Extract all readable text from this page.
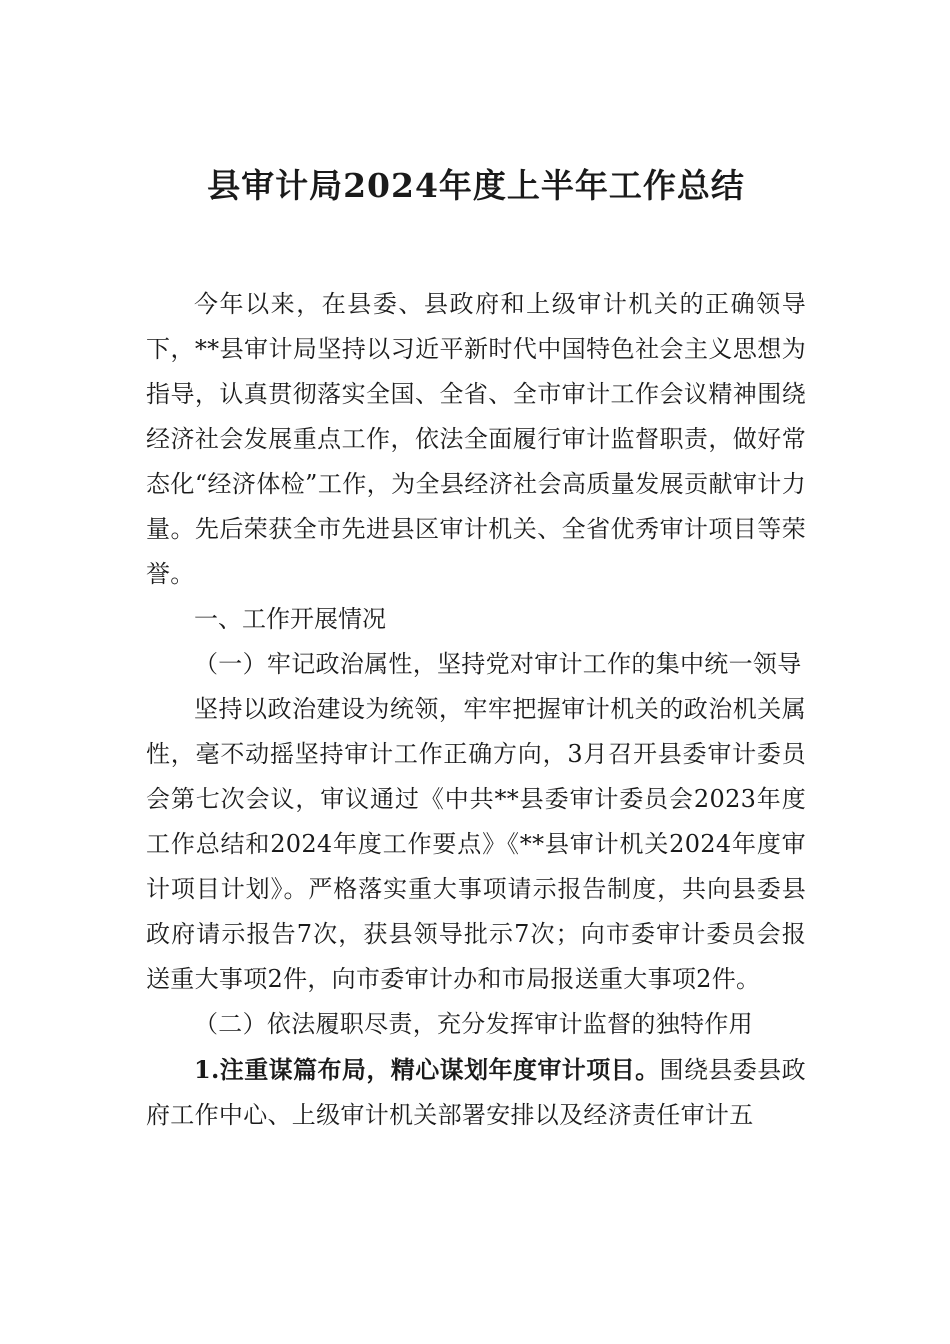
县审计局2024年度上半年工作总结

今年以来，在县委、县政府和上级审计机关的正确领导下，**县审计局坚持以习近平新时代中国特色社会主义思想为指导，认真贯彻落实全国、全省、全市审计工作会议精神围绕经济社会发展重点工作，依法全面履行审计监督职责，做好常态化“经济体检”工作，为全县经济社会高质量发展贡献审计力量。先后荣获全市先进县区审计机关、全省优秀审计项目等荣誉。

一、工作开展情况

（一）牢记政治属性，坚持党对审计工作的集中统一领导

坚持以政治建设为统领，牢牢把握审计机关的政治机关属性，毫不动摇坚持审计工作正确方向，3月召开县委审计委员会第七次会议，审议通过《中共**县委审计委员会2023年度工作总结和2024年度工作要点》《**县审计机关2024年度审计项目计划》。严格落实重大事项请示报告制度，共向县委县政府请示报告7次，获县领导批示7次；向市委审计委员会报送重大事项2件，向市委审计办和市局报送重大事项2件。

（二）依法履职尽责，充分发挥审计监督的独特作用

1.注重谋篇布局，精心谋划年度审计项目。围绕县委县政府工作中心、上级审计机关部署安排以及经济责任审计五
